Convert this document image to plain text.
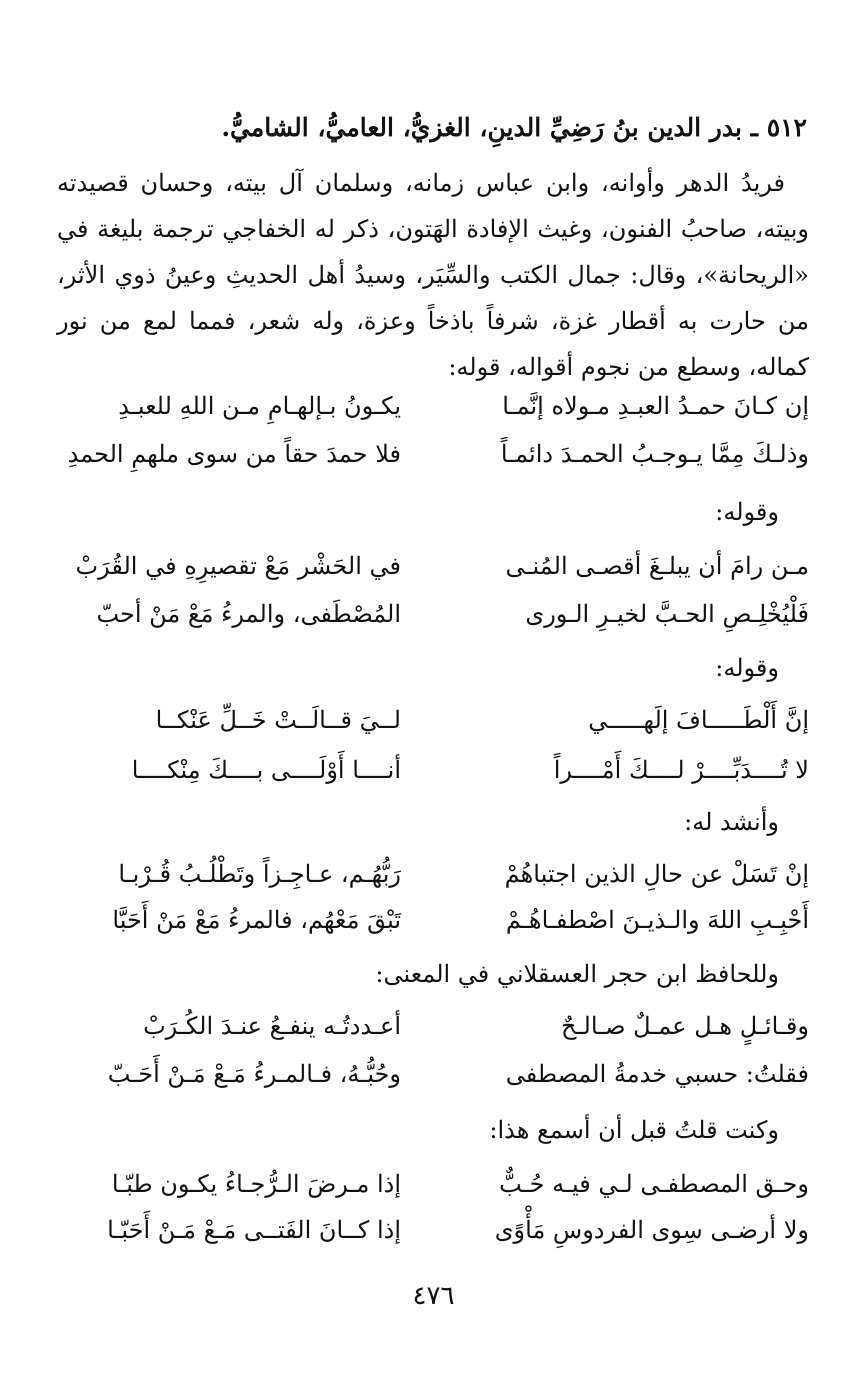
٥١٢ ـ بدر الدين بنُ رَضِيِّ الدينِ، الغزيُّ، العاميُّ، الشاميُّ.

فريدُ الدهر وأوانه، وابن عباس زمانه، وسلمان آل بيته، وحسان قصيدته وبيته، صاحبُ الفنون، وغيث الإفادة الهَتون، ذكر له الخفاجي ترجمة بليغة في «الريحانة»، وقال: جمال الكتب والسِّيَر، وسيدُ أهل الحديثِ وعينُ ذوي الأثر، من حارت به أقطار غزة، شرفاً باذخاً وعزة، وله شعر، فمما لمع من نور كماله، وسطع من نجوم أقواله، قوله:

إن كـانَ حمـدُ العبـدِ مـولاه إنَّمـا
يكـونُ بـإلهـامِ مـن اللهِ للعبـدِ
وذلـكَ مِمَّا يـوجـبُ الحمـدَ دائمـاً
فلا حمدَ حقاً من سوى ملهمِ الحمدِ
وقوله:
مـن رامَ أن يبلـغَ أقصـى المُنـى
في الحَشْر مَعْ تقصيرِهِ في القُرَبْ
فَلْيُخْلِـصِ الحـبَّ لخيـرِ الـورى
المُصْطَفى، والمرءُ مَعْ مَنْ أحبّ
وقوله:
إنَّ أَلْطَـــــافَ إلَهـــــي
لــيَ قــالَــتْ خَــلِّ عَنْكــا
لا تُــــدَبِّــــرْ لــــكَ أَمْــــراً
أنــــا أَوْلَــــى بــــكَ مِنْكــــا
وأنشد له:
إنْ تَسَلْ عن حالِ الذين اجتباهُمْ
رَبُّهُـم، عـاجِـزاً وتَطْلُـبُ قُـرْبـا
أَحْبِـبِ اللهَ والـذيـنَ اصْطفـاهُـمْ
تَبْقَ مَعْهُم، فالمرءُ مَعْ مَنْ أَحَبَّا
وللحافظ ابن حجر العسقلاني في المعنى:
وقـائـلٍ هـل عمـلٌ صـالـحٌ
أعـددتُـه ينفـعُ عنـدَ الكُـرَبْ
فقلتُ: حسبي خدمةُ المصطفى
وحُبُّـهُ، فـالمـرءُ مَـعْ مَـنْ أَحَـبّ
وكنت قلتُ قبل أن أسمع هذا:
وحـق المصطفـى لـي فيـه حُـبٌّ
إذا مـرضَ الـرُّجـاءُ يكـون طبّـا
ولا أرضـى سِوى الفردوسِ مَأْوًى
إذا كــانَ الفَتــى مَـعْ مَـنْ أَحَبّـا
٤٧٦
